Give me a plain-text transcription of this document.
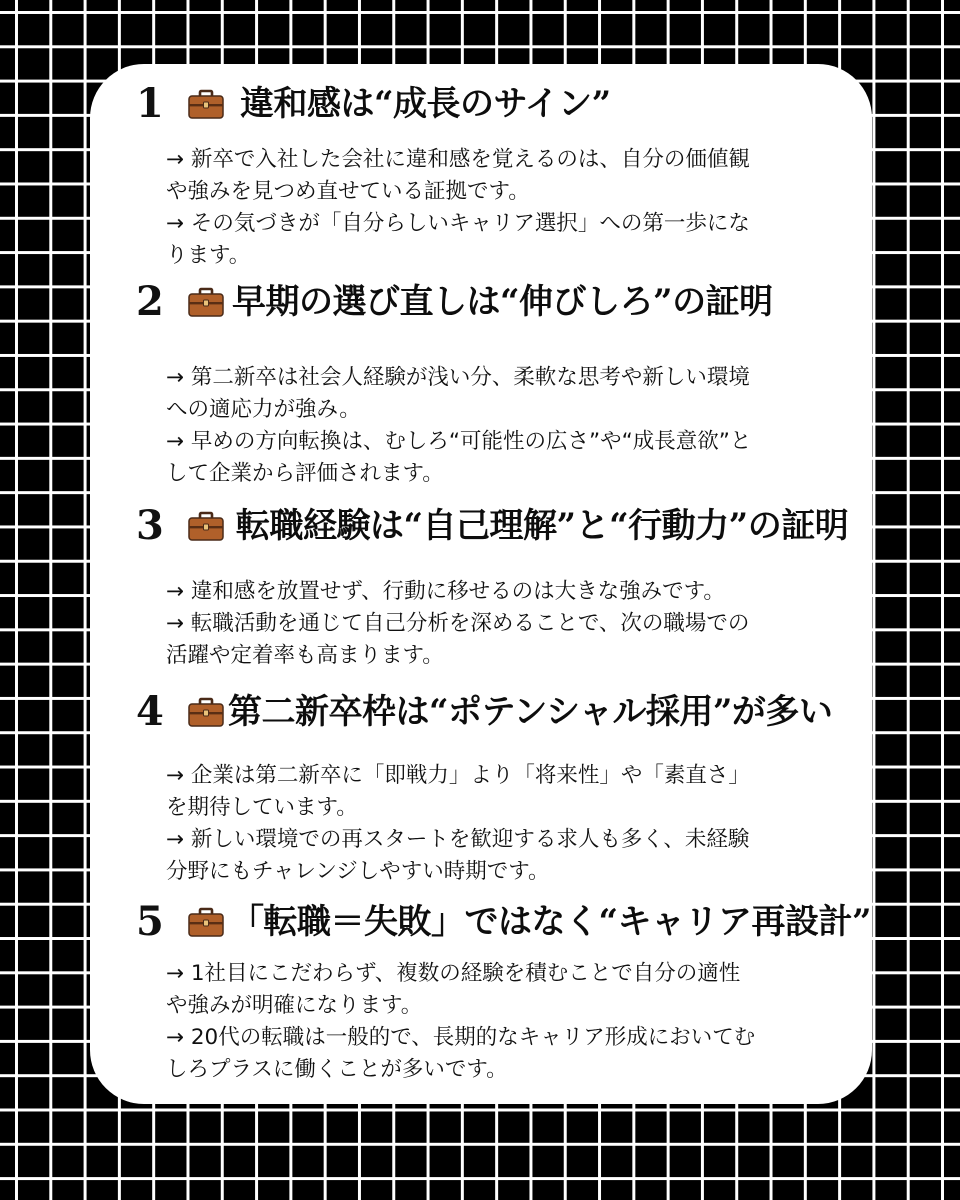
1 違和感は“成長のサイン”
→ 新卒で入社した会社に違和感を覚えるのは、自分の価値観
や強みを見つめ直せている証拠です。
→ その気づきが「自分らしいキャリア選択」への第一歩にな
ります。
2 早期の選び直しは“伸びしろ”の証明
→ 第二新卒は社会人経験が浅い分、柔軟な思考や新しい環境
への適応力が強み。
→ 早めの方向転換は、むしろ“可能性の広さ”や“成長意欲”と
して企業から評価されます。
3 転職経験は“自己理解”と“行動力”の証明
→ 違和感を放置せず、行動に移せるのは大きな強みです。
→ 転職活動を通じて自己分析を深めることで、次の職場での
活躍や定着率も高まります。
4 第二新卒枠は“ポテンシャル採用”が多い
→ 企業は第二新卒に「即戦力」より「将来性」や「素直さ」
を期待しています。
→ 新しい環境での再スタートを歓迎する求人も多く、未経験
分野にもチャレンジしやすい時期です。
5 「転職＝失敗」ではなく“キャリア再設計”
→ 1社目にこだわらず、複数の経験を積むことで自分の適性
や強みが明確になります。
→ 20代の転職は一般的で、長期的なキャリア形成においてむ
しろプラスに働くことが多いです。
